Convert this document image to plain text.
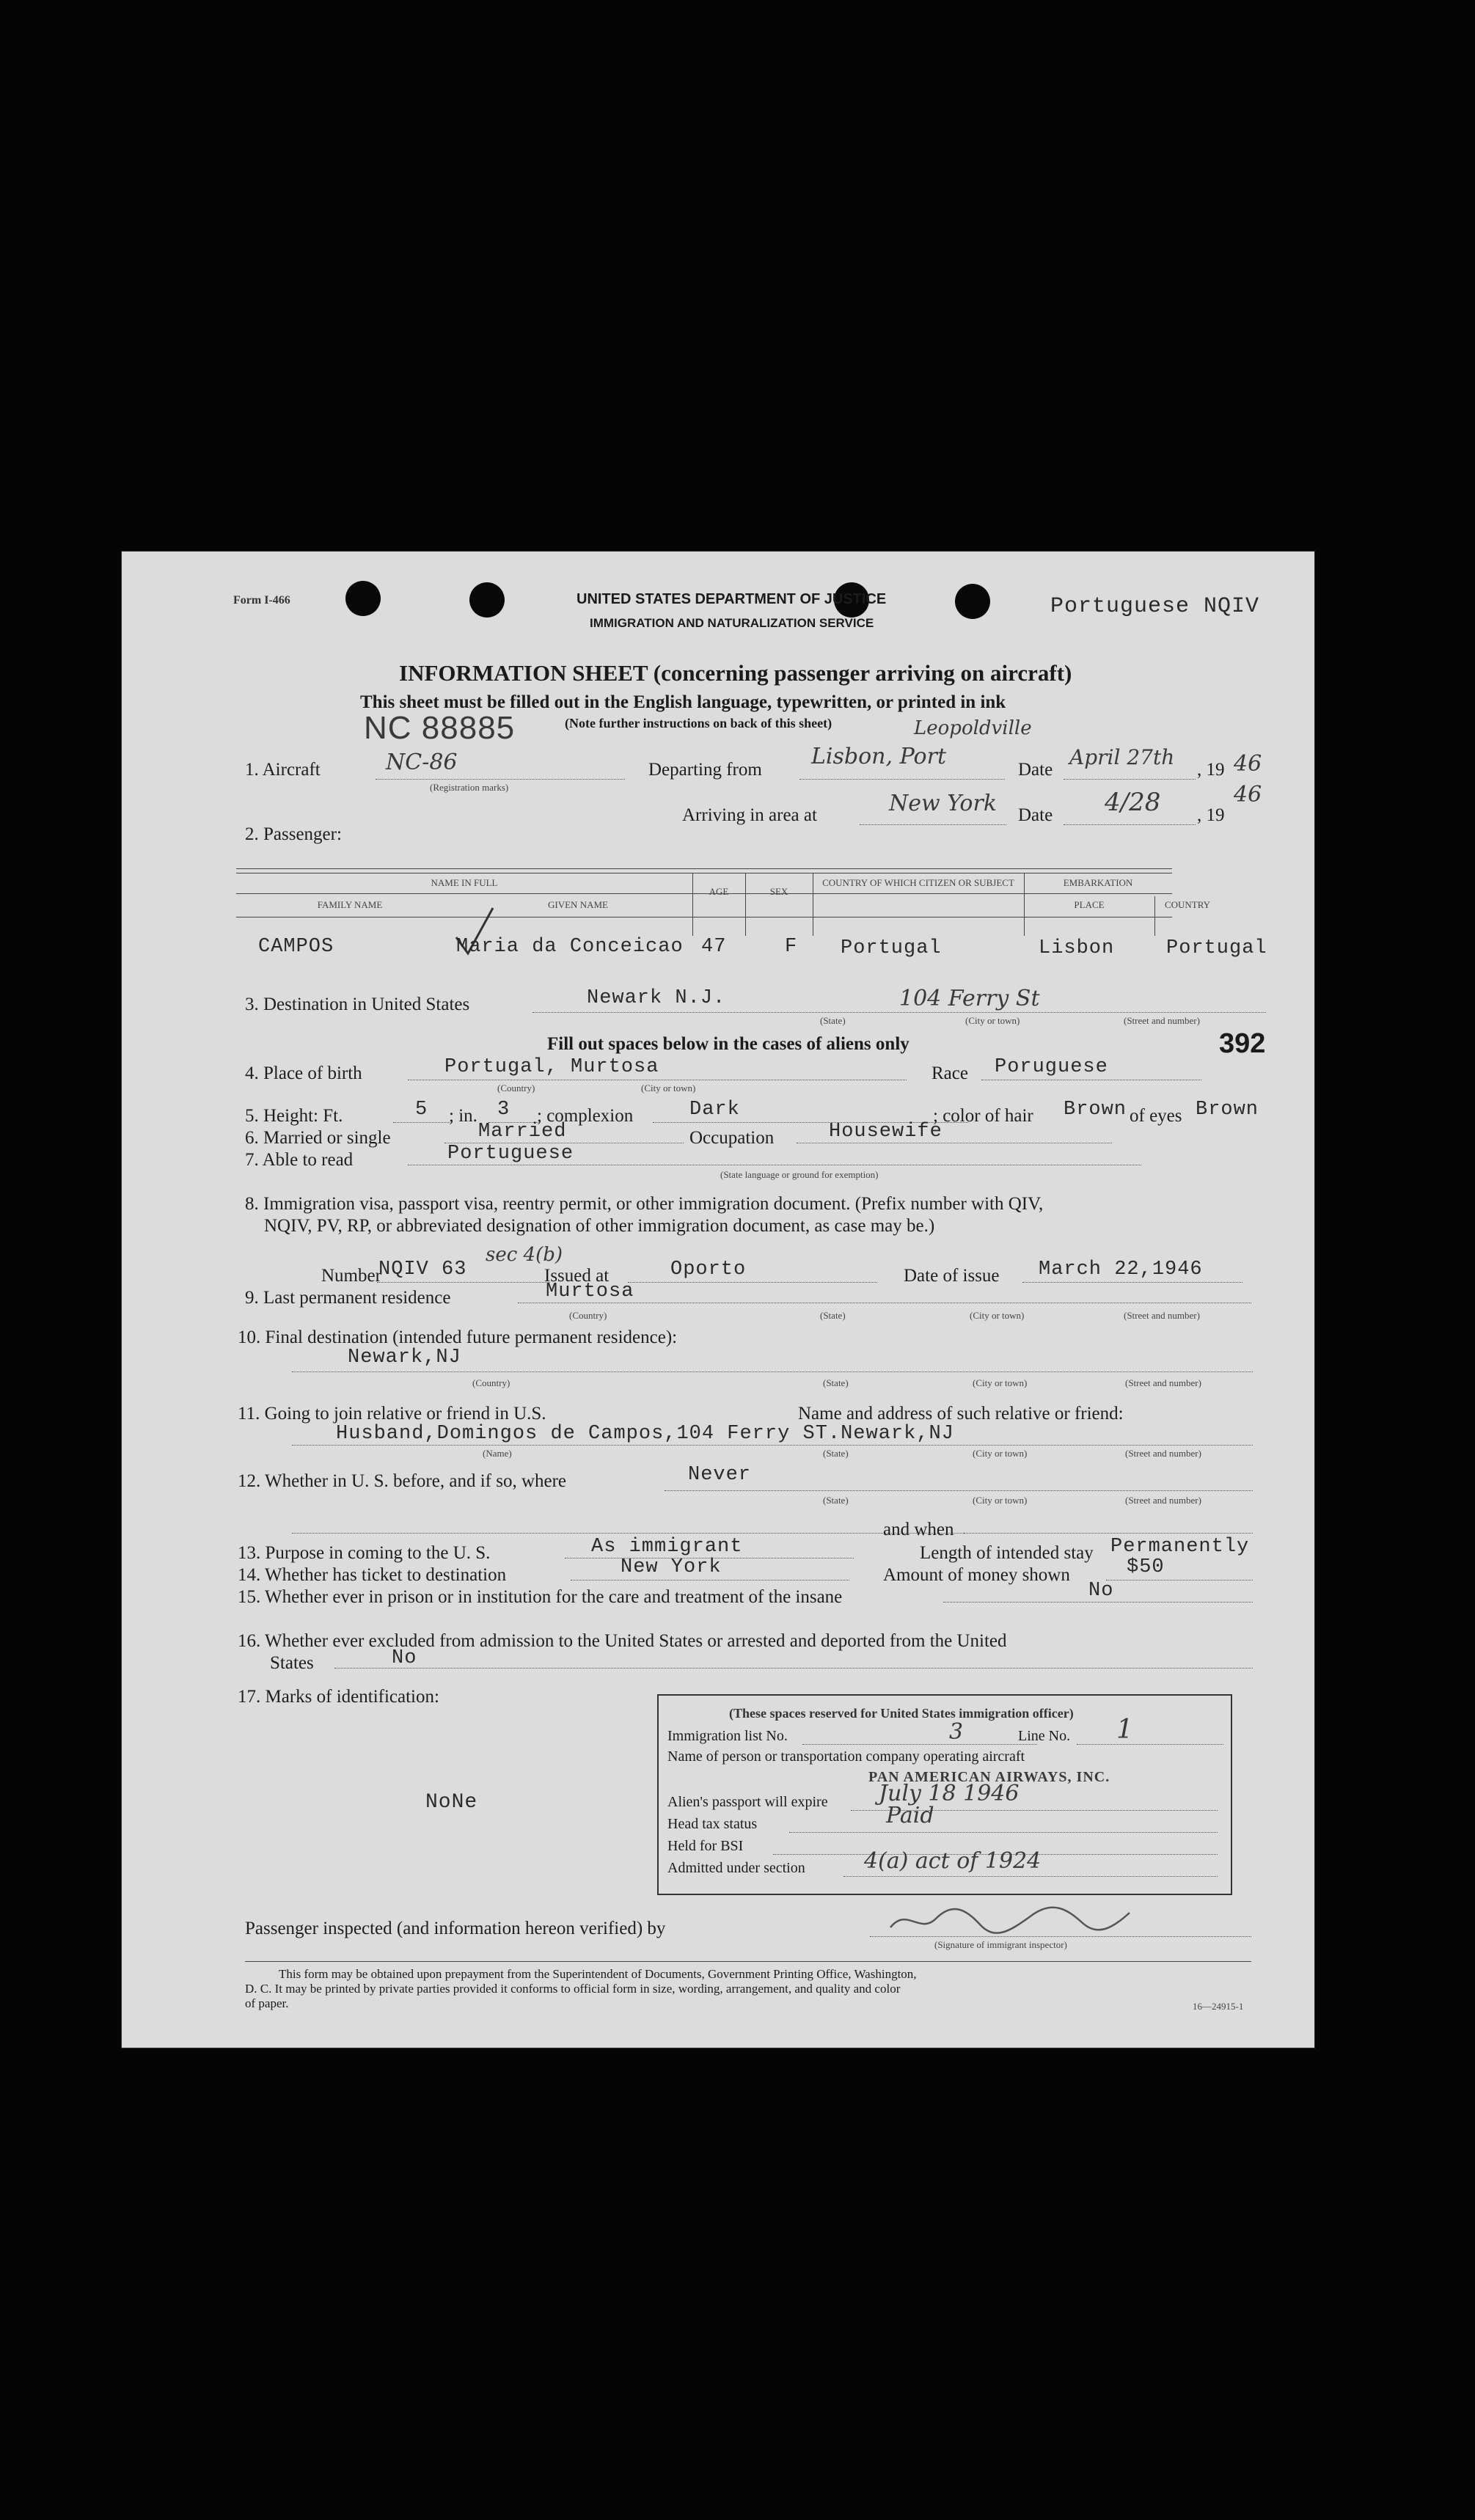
Form I-466	UNITED STATES DEPARTMENT OF JUSTICE
IMMIGRATION AND NATURALIZATION SERVICE
Portuguese NQIV
INFORMATION SHEET (concerning passenger arriving on aircraft)
This sheet must be filled out in the English language, typewritten, or printed in ink
(Note further instructions on back of this sheet)
NC 88885
1. Aircraft	NC-86
(Registration marks)
Departing from
Lisbon, Port
Leopoldville
Date
April 27th
, 19 46
Arriving in area at	New York Date 4/28 , 19
46
2. Passenger:
NAME IN FULL
FAMILY NAME	GIVEN NAME
AGE	SEX
COUNTRY OF WHICH CITIZEN OR SUBJECT	EMBARKATION
PLACE	COUNTRY
CAMPOS	Maria da Conceicao 47	F Portugal	Lisbon	Portugal
3. Destination in United States	Newark N.J.	104 Ferry St
(State)	(City or town)	(Street and number)
Fill out spaces below in the cases of aliens only	392
4. Place of birth	Portugal, Murtosa
(Country)	(City or town)
Race Poruguese
5. Height: Ft.	5 ; in. 3 ; complexion	Dark	; color of hair Brown of eyes Brown
6. Married or single	Married	Occupation	Housewife
7. Able to read	Portuguese
(State language or ground for exemption)
8. Immigration visa, passport visa, reentry permit, or other immigration document. (Prefix number with QIV,
NQIV, PV, RP, or abbreviated designation of other immigration document, as case may be.)
Number
NQIV 63
sec 4(b)
Issued at	Oporto	Date of issue March 22,1946
9. Last permanent residence	Murtosa
(Country)	(State)	(City or town)	(Street and number)
10. Final destination (intended future permanent residence):
Newark,NJ
(Country)	(State)	(City or town)	(Street and number)
11. Going to join relative or friend in U.S.	Name and address of such relative or friend:
Husband,Domingos de Campos,104 Ferry ST.Newark,NJ
(Name)	(State)	(City or town)	(Street and number)
12. Whether in U. S. before, and if so, where	Never
(State)	(City or town)	(Street and number)
and when
13. Purpose in coming to the U. S.	As immigrant	Length of intended stay Permanently
14. Whether has ticket to destination	New York	Amount of money shown	$50
15. Whether ever in prison or in institution for the care and treatment of the insane	No
16. Whether ever excluded from admission to the United States or arrested and deported from the United
States	No
17. Marks of identification:
NoNe
(These spaces reserved for United States immigration officer)
Immigration list No.	3	Line No. 1
Name of person or transportation company operating aircraft
PAN AMERICAN AIRWAYS, INC.
Alien's passport will expire July 18 1946
Head tax status	Paid
Held for BSI
Admitted under section	4(a) act of 1924
Passenger inspected (and information hereon verified) by
(Signature of immigrant inspector)
This form may be obtained upon prepayment from the Superintendent of Documents, Government Printing Office, Washington,
D. C. It may be printed by private parties provided it conforms to official form in size, wording, arrangement, and quality and color
of paper.	16—24915-1
